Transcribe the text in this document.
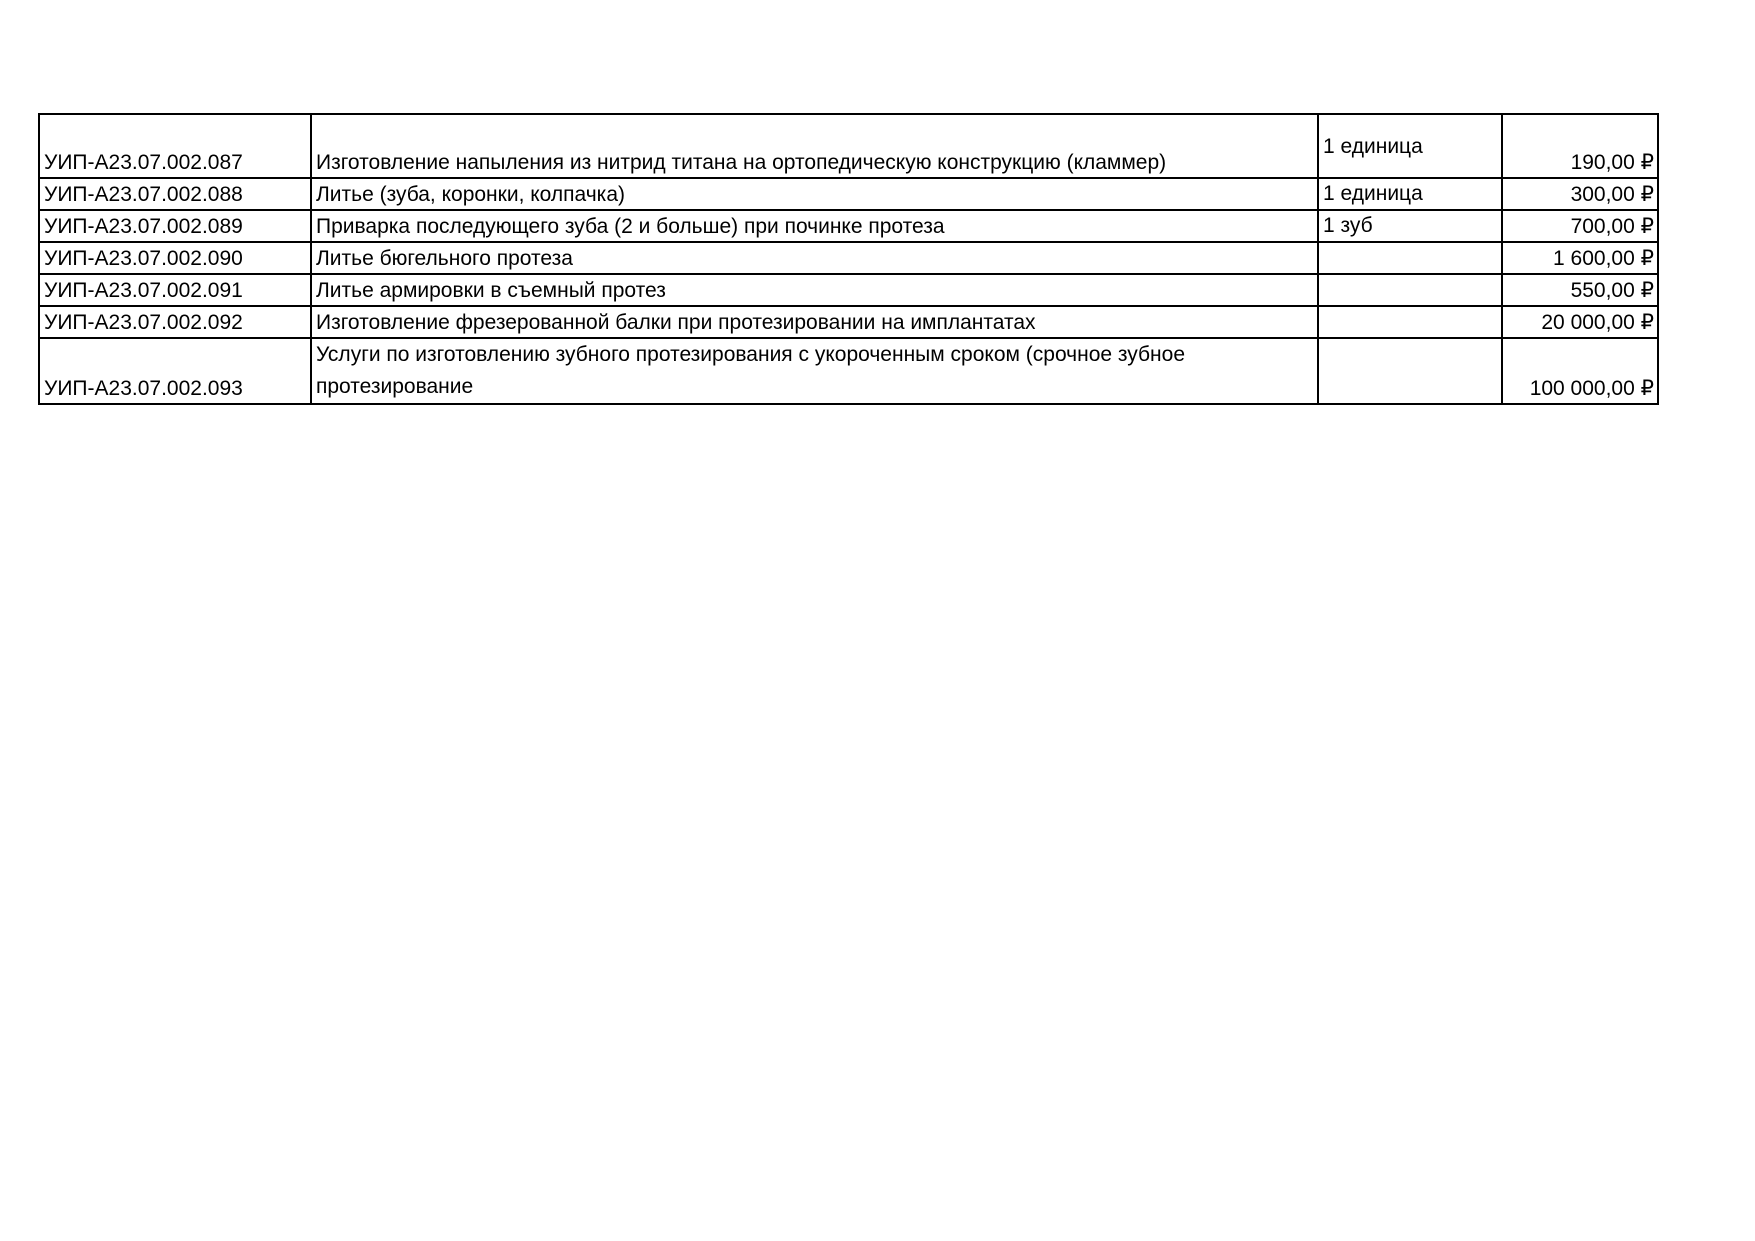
УИП-А23.07.002.087	Изготовление напыления из нитрид титана на ортопедическую конструкцию (кламмер)	1 единица	190,00 ₽
УИП-А23.07.002.088	Литье (зуба, коронки, колпачка)	1 единица	300,00 ₽
УИП-А23.07.002.089	Приварка последующего зуба (2 и больше) при починке протеза	1 зуб	700,00 ₽
УИП-А23.07.002.090	Литье бюгельного протеза		1 600,00 ₽
УИП-А23.07.002.091	Литье армировки в съемный протез		550,00 ₽
УИП-А23.07.002.092	Изготовление фрезерованной балки при протезировании на имплантатах		20 000,00 ₽
УИП-А23.07.002.093	Услуги по изготовлению зубного протезирования с укороченным сроком (срочное зубное протезирование		100 000,00 ₽
